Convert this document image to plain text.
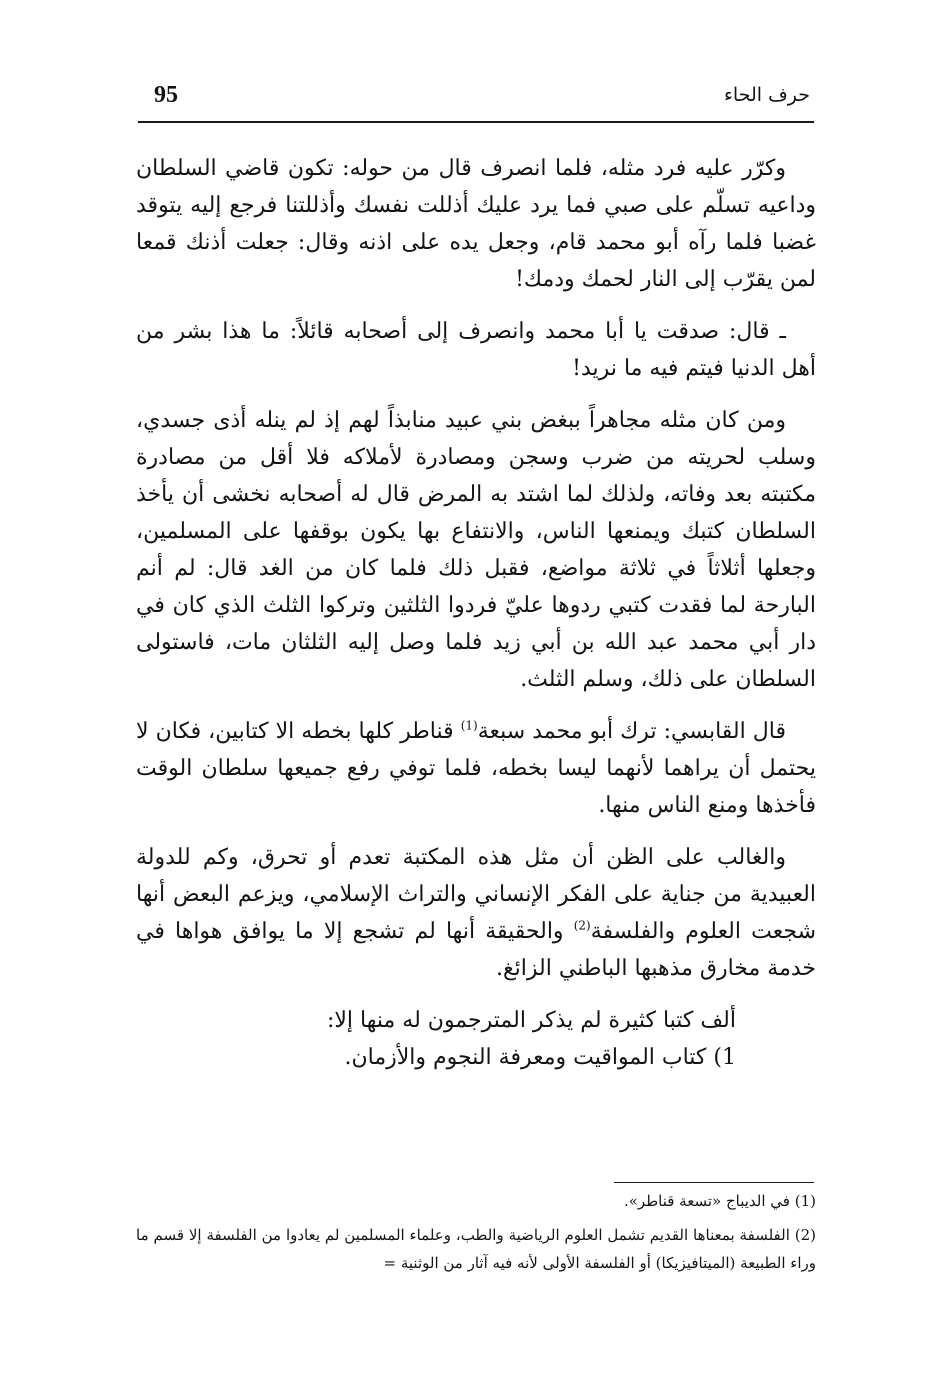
95	حرف الحاء

وكرّر عليه فرد مثله، فلما انصرف قال من حوله: تكون قاضي السلطان وداعيه تسلّم على صبي فما يرد عليك أذللت نفسك وأذللتنا فرجع إليه يتوقد غضبا فلما رآه أبو محمد قام، وجعل يده على اذنه وقال: جعلت أذنك قمعا لمن يقرّب إلى النار لحمك ودمك!

ـ قال: صدقت يا أبا محمد وانصرف إلى أصحابه قائلاً: ما هذا بشر من أهل الدنيا فيتم فيه ما نريد!

ومن كان مثله مجاهراً ببغض بني عبيد منابذاً لهم إذ لم ينله أذى جسدي، وسلب لحريته من ضرب وسجن ومصادرة لأملاكه فلا أقل من مصادرة مكتبته بعد وفاته، ولذلك لما اشتد به المرض قال له أصحابه نخشى أن يأخذ السلطان كتبك ويمنعها الناس، والانتفاع بها يكون بوقفها على المسلمين، وجعلها أثلاثاً في ثلاثة مواضع، فقبل ذلك فلما كان من الغد قال: لم أنم البارحة لما فقدت كتبي ردوها عليّ فردوا الثلثين وتركوا الثلث الذي كان في دار أبي محمد عبد الله بن أبي زيد فلما وصل إليه الثلثان مات، فاستولى السلطان على ذلك، وسلم الثلث.

قال القابسي: ترك أبو محمد سبعة$^{(1)}$ قناطر كلها بخطه الا كتابين، فكان لا يحتمل أن يراهما لأنهما ليسا بخطه، فلما توفي رفع جميعها سلطان الوقت فأخذها ومنع الناس منها.

والغالب على الظن أن مثل هذه المكتبة تعدم أو تحرق، وكم للدولة العبيدية من جناية على الفكر الإنساني والتراث الإسلامي، ويزعم البعض أنها شجعت العلوم والفلسفة$^{(2)}$ والحقيقة أنها لم تشجع إلا ما يوافق هواها في خدمة مخارق مذهبها الباطني الزائغ.

ألف كتبا كثيرة لم يذكر المترجمون له منها إلا:

1) كتاب المواقيت ومعرفة النجوم والأزمان.

(1) في الديباج «تسعة قناطر».

(2) الفلسفة بمعناها القديم تشمل العلوم الرياضية والطب، وعلماء المسلمين لم يعادوا من الفلسفة إلا قسم ما وراء الطبيعة (الميتافيزيكا) أو الفلسفة الأولى لأنه فيه آثار من الوثنية =
